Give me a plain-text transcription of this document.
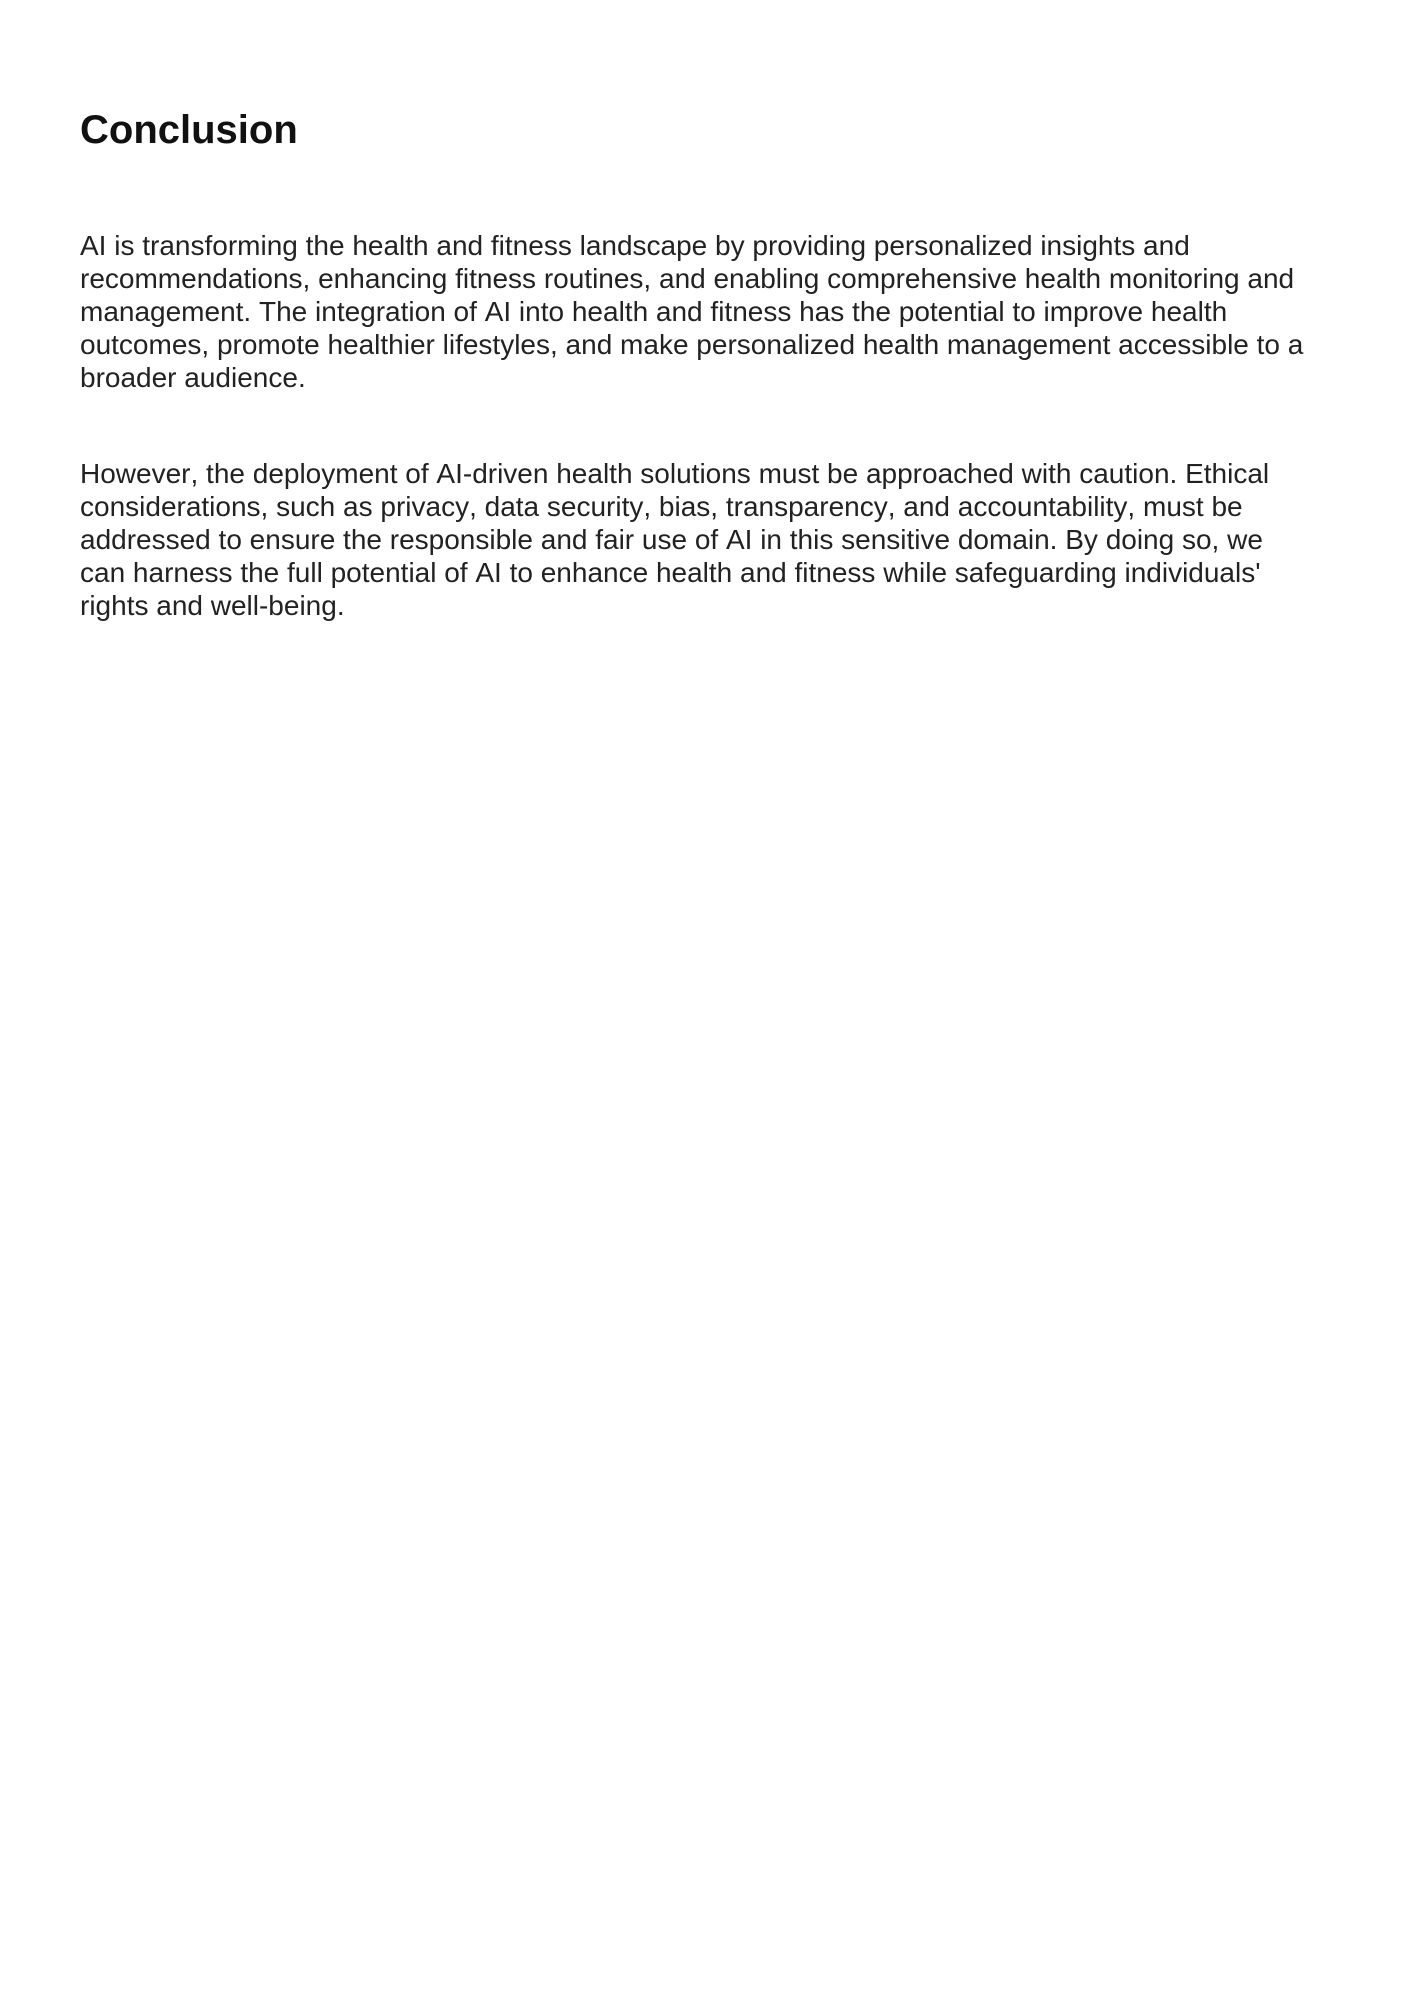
Conclusion

AI is transforming the health and fitness landscape by providing personalized insights and recommendations, enhancing fitness routines, and enabling comprehensive health monitoring and management. The integration of AI into health and fitness has the potential to improve health outcomes, promote healthier lifestyles, and make personalized health management accessible to a broader audience.

However, the deployment of AI-driven health solutions must be approached with caution. Ethical considerations, such as privacy, data security, bias, transparency, and accountability, must be addressed to ensure the responsible and fair use of AI in this sensitive domain. By doing so, we can harness the full potential of AI to enhance health and fitness while safeguarding individuals' rights and well-being.
